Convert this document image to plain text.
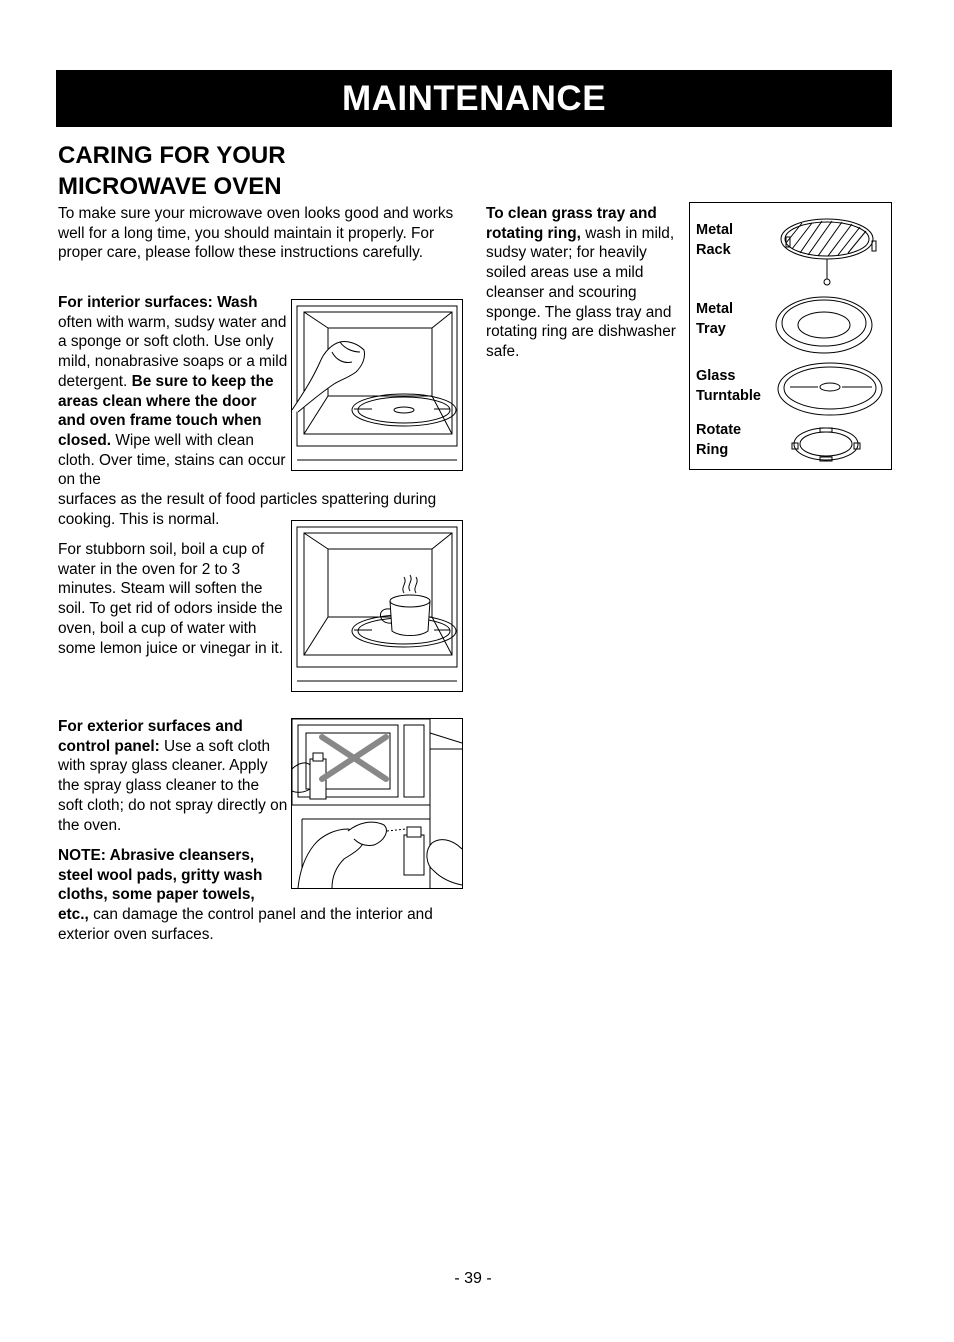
MAINTENANCE
CARING FOR YOUR
MICROWAVE OVEN
To make sure your microwave oven looks good and works well for a long time, you should maintain it properly. For proper care, please follow these instructions carefully.
For interior surfaces: Wash often with warm, sudsy water and a sponge or soft cloth. Use only mild, nonabrasive soaps or a mild detergent. Be sure to keep the areas clean where the door and oven frame touch when closed. Wipe well with clean cloth. Over time, stains can occur on the
surfaces as the result of food particles spattering during cooking. This is normal.
For stubborn soil, boil a cup of water in the oven for 2 to 3 minutes. Steam will soften the soil. To get rid of odors inside the oven, boil a cup of water with some lemon juice or vinegar in it.
For exterior surfaces and control panel: Use a soft cloth with spray glass cleaner. Apply the spray glass cleaner to the soft cloth; do not spray directly on the oven.
NOTE: Abrasive cleansers, steel wool pads, gritty wash cloths, some paper towels,
etc., can damage the control panel and the interior and exterior oven surfaces.
To clean grass tray and rotating ring, wash in mild, sudsy water; for heavily soiled areas use a mild cleanser and scouring sponge. The glass tray and rotating ring are dishwasher safe.
Metal
Rack
Metal
Tray
Glass
Turntable
Rotate
Ring
- 39 -
